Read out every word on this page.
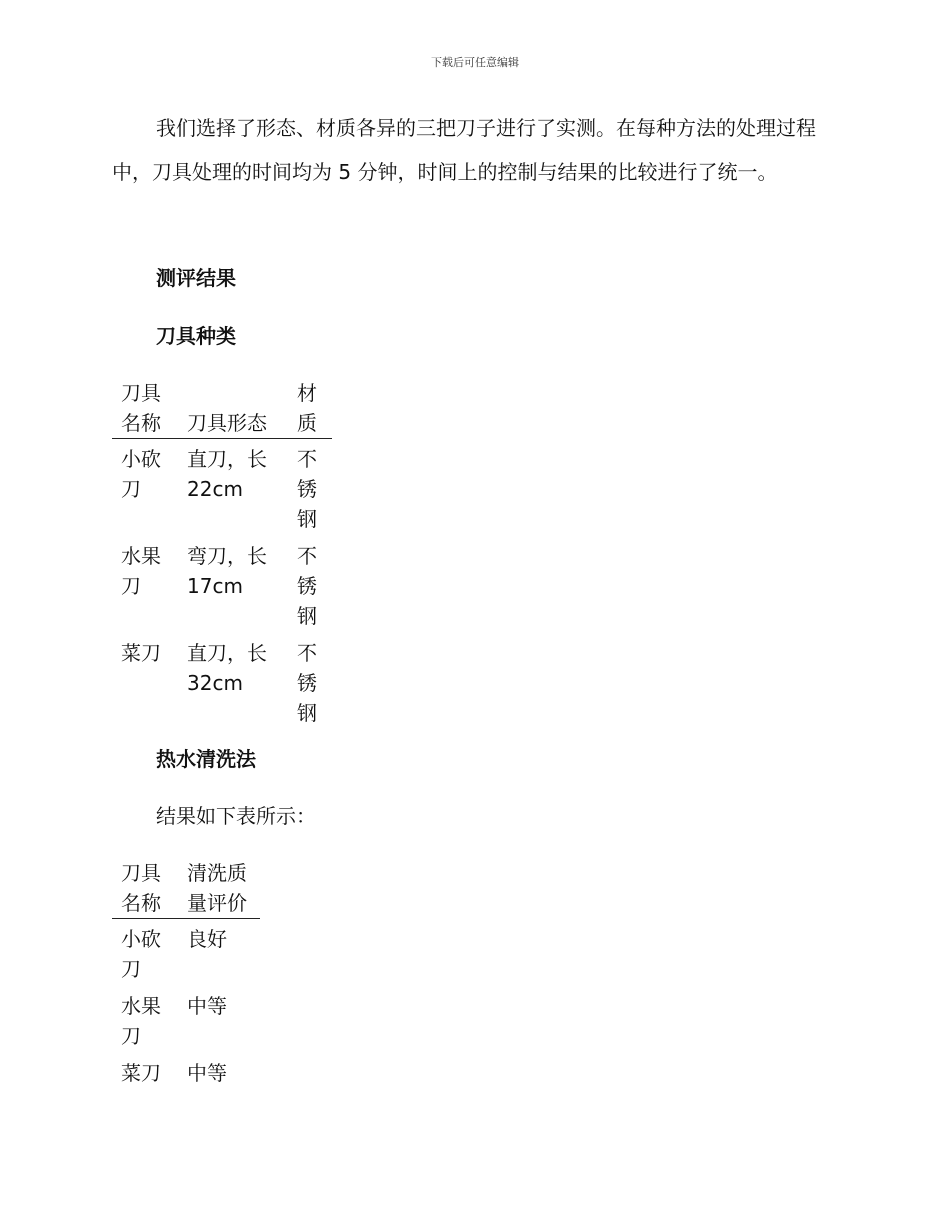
下载后可任意编辑

我们选择了形态、材质各异的三把刀子进行了实测。在每种方法的处理过程中，刀具处理的时间均为 5 分钟，时间上的控制与结果的比较进行了统一。

测评结果
刀具种类
刀具名称	刀具形态	材质
小砍刀	直刀，长 22cm	不锈钢
水果刀	弯刀，长 17cm	不锈钢
菜刀	直刀，长 32cm	不锈钢
热水清洗法

结果如下表所示：

刀具名称	清洗质量评价
小砍刀	良好
水果刀	中等
菜刀	中等
